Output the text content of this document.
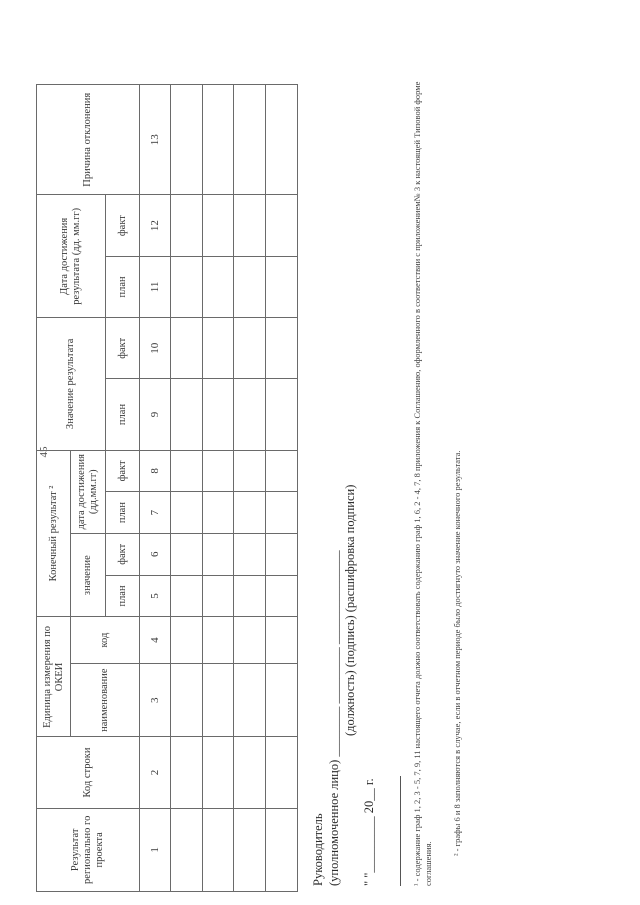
45
Результат регионально го проекта	Код строки	Единица измерения по ОКЕИ		Конечный результат ²				Значение результата		Дата достижения результата (дд. мм.гг)		Причина отклонения
		наименование	код	значение		дата достижения (дд.мм.гг)						
				план	факт	план	факт	план	факт	план	факт	
1	2	3	4	5	6	7	8	9	10	11	12	13

Руководитель (уполномоченное лицо) ________ _________ _______________ (должность) (подпись) (расшифровка подписи)
" "_________ 20__ г.	¹ - содержание граф 1, 2, 3 - 5, 7, 9, 11 настоящего отчета должно соответствовать содержанию граф 1, 6, 2 - 4, 7, 8 приложения к Соглашению, оформленного в соответствии с приложением№ 3 к настоящей Типовой форме соглашения.
² - графы 6 и 8 заполняются в случае, если в отчетном периоде было достигнуто значение конечного результата.
